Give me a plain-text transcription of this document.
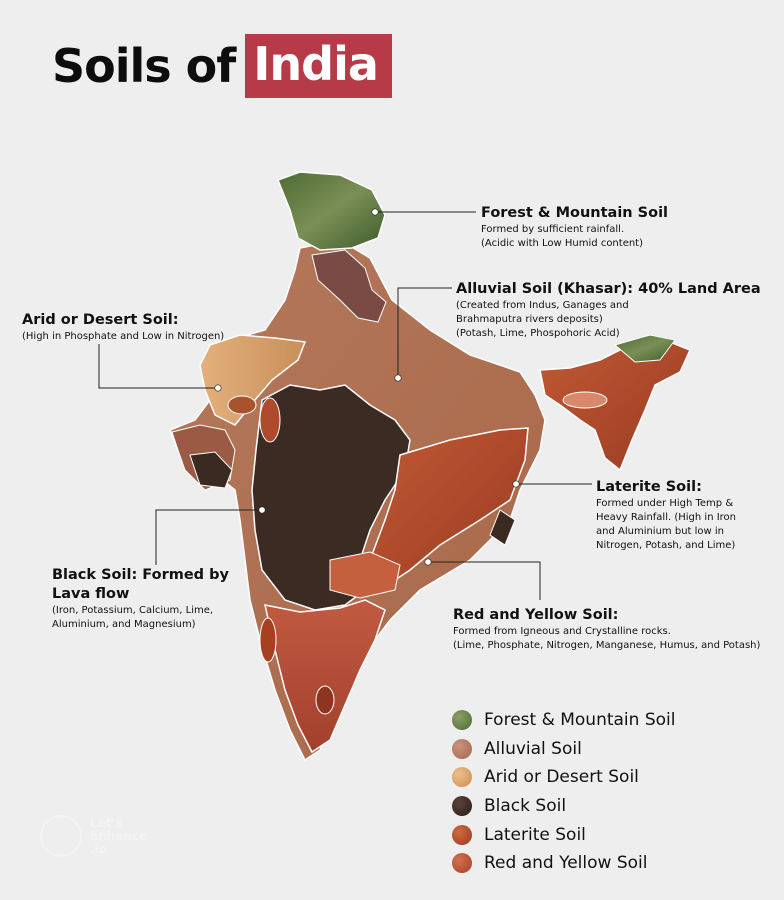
Soils of India
Forest & Mountain Soil
Formed by sufficient rainfall.
(Acidic with Low Humid content)
Alluvial Soil (Khasar): 40% Land Area
(Created from Indus, Ganages and
Brahmaputra rivers deposits)
(Potash, Lime, Phospohoric Acid)
Arid or Desert Soil:
(High in Phosphate and Low in Nitrogen)
Laterite Soil:
Formed under High Temp &
Heavy Rainfall. (High in Iron
and Aluminium but low in
Nitrogen, Potash, and Lime)
Black Soil: Formed by
Lava flow
(Iron, Potassium, Calcium, Lime,
Aluminium, and Magnesium)
Red and Yellow Soil:
Formed from Igneous and Crystalline rocks.
(Lime, Phosphate, Nitrogen, Manganese, Humus, and Potash)
Forest & Mountain Soil
Alluvial Soil
Arid or Desert Soil
Black Soil
Laterite Soil
Red and Yellow Soil
Let's
Enhance
.io
